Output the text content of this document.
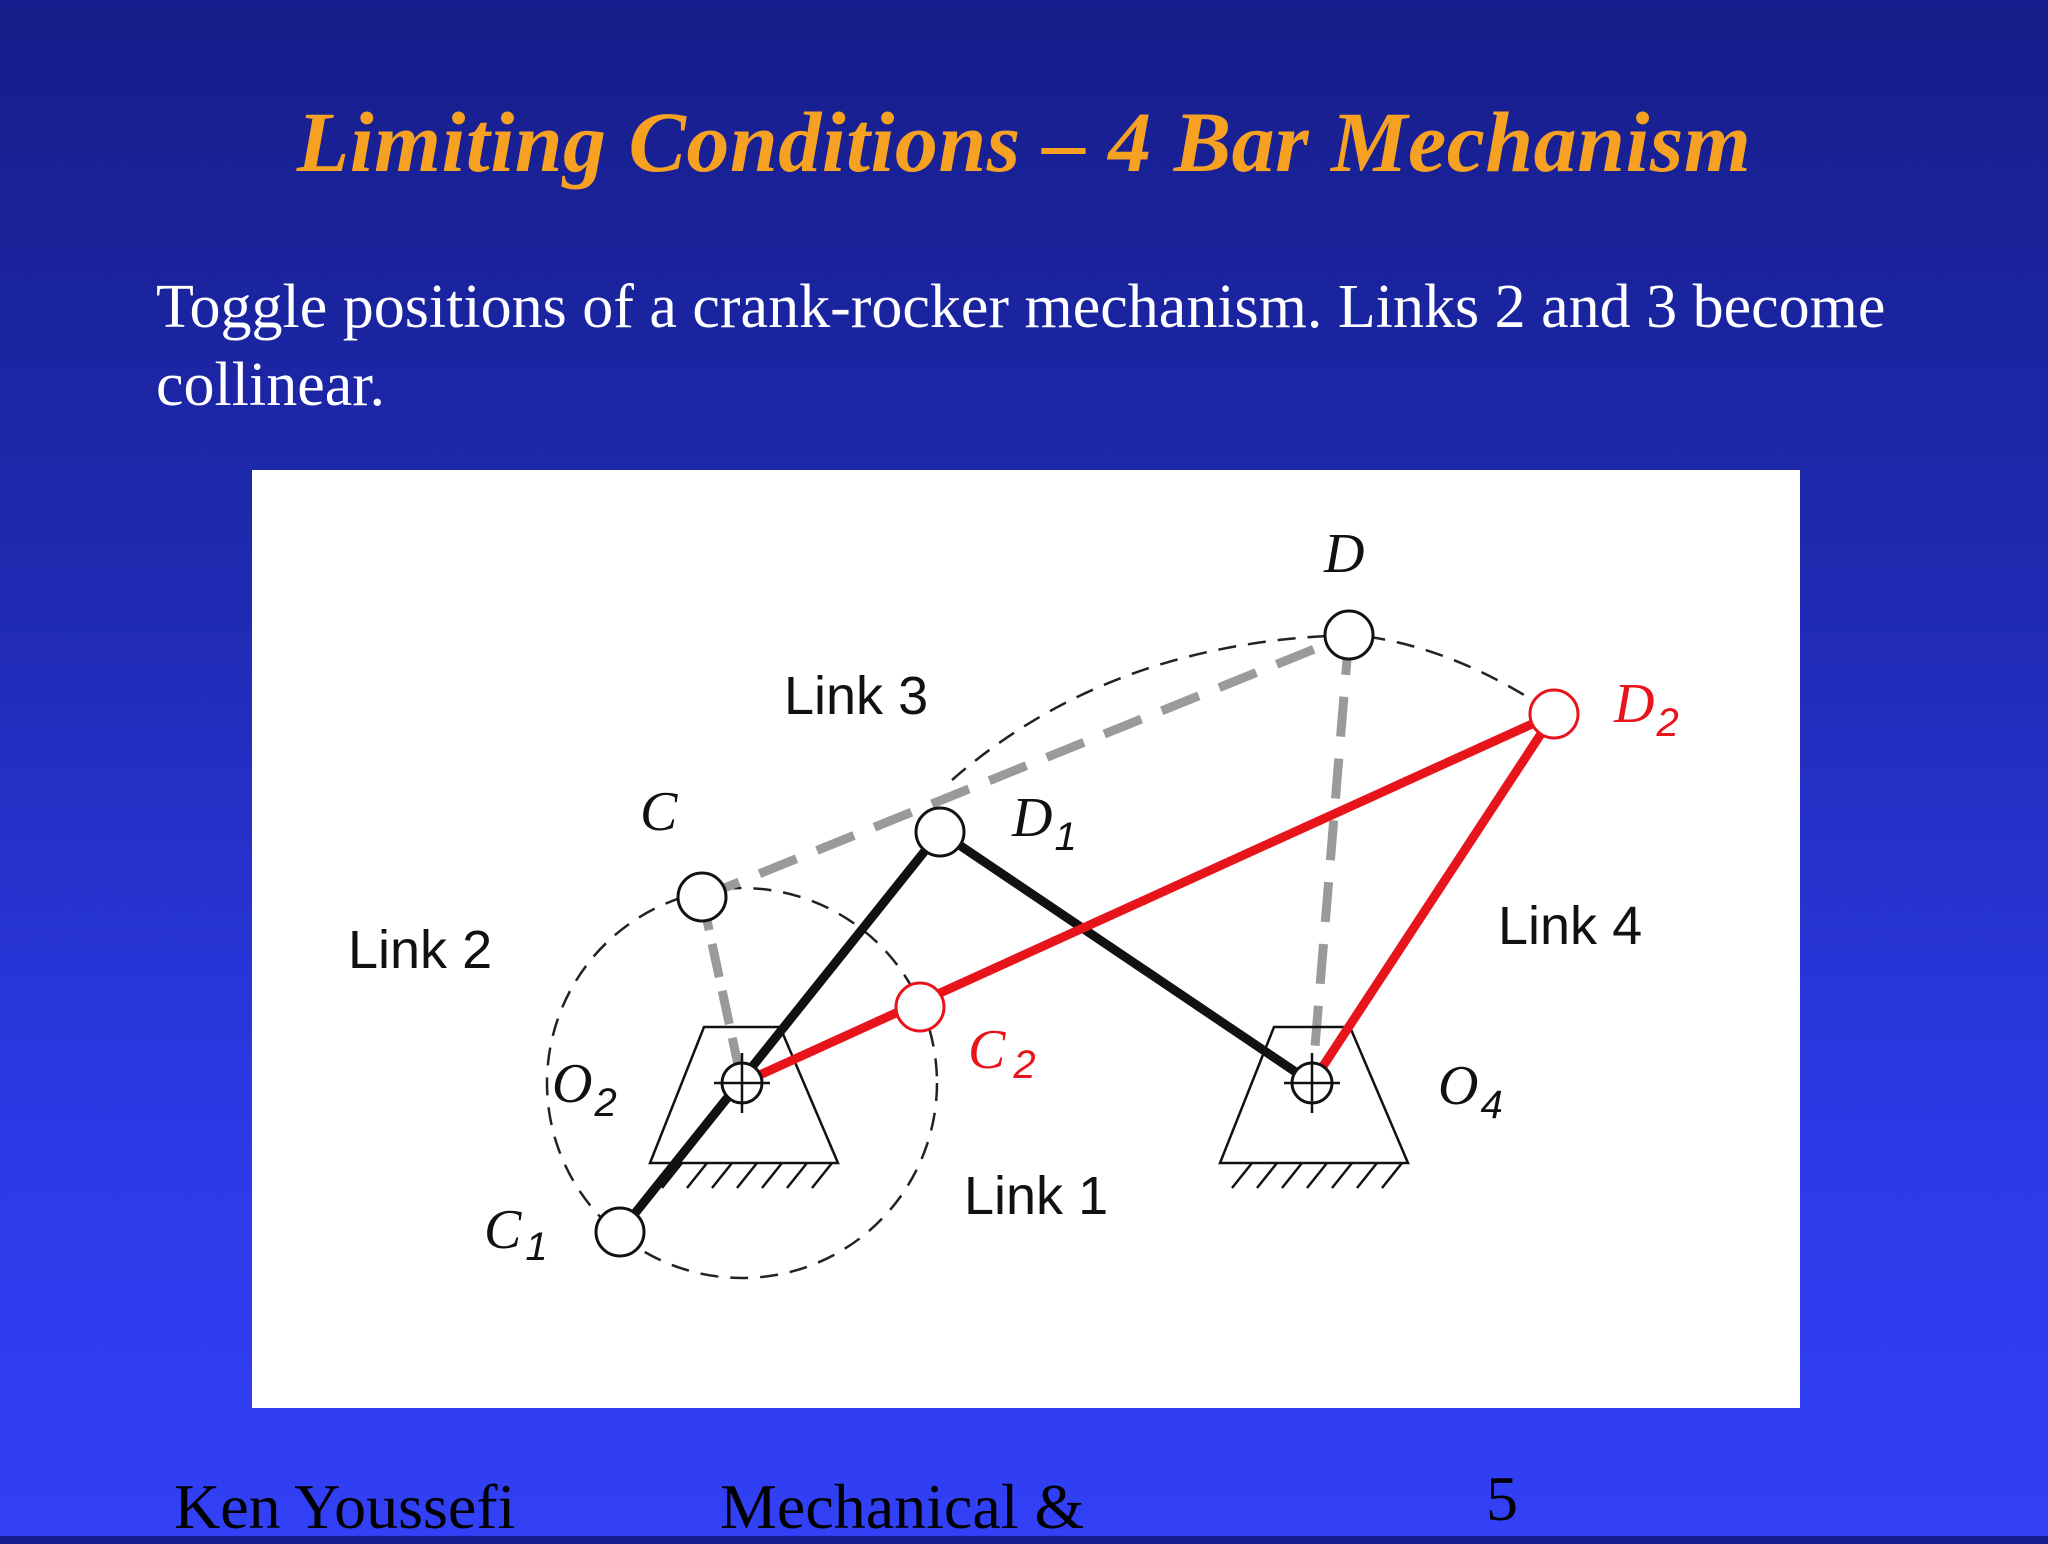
Limiting Conditions – 4 Bar Mechanism

Toggle positions of a crank-rocker mechanism. Links 2 and 3 become collinear.

Link 3
Link 2	Link 4
Link 1
D
C	$D_1$
$D_2$
C $_1$
C 2
$O_2$	$O_4$
Ken Youssefi	Mechanical &	5
